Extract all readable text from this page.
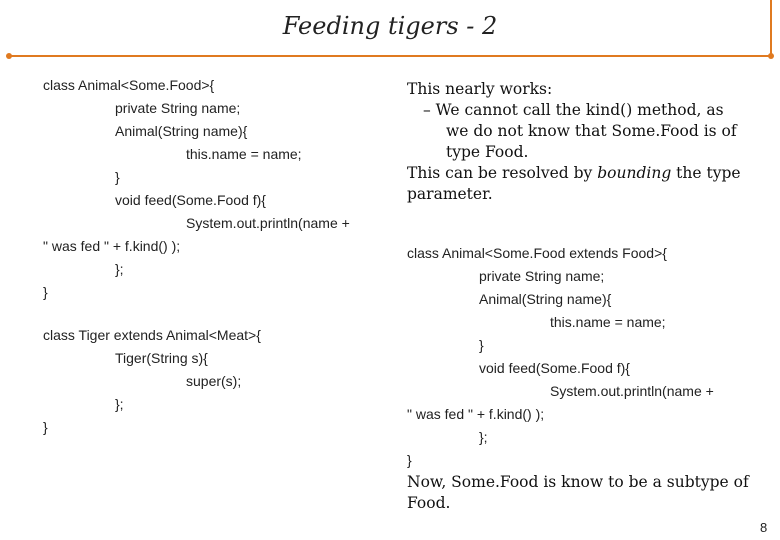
Feeding tigers - 2
class Animal<Some.Food>{
private String name;
Animal(String name){
this.name = name;
}
void feed(Some.Food f){
System.out.println(name +
" was fed " + f.kind() );
};
}
class Tiger extends Animal<Meat>{
Tiger(String s){
super(s);
};
}
This nearly works:
– We cannot call the kind() method, as
we do not know that Some.Food is of
type Food.
This can be resolved by bounding the type
parameter.
class Animal<Some.Food extends Food>{
private String name;
Animal(String name){
this.name = name;
}
void feed(Some.Food f){
System.out.println(name +
" was fed " + f.kind() );
};
}
Now, Some.Food is know to be a subtype of
Food.
8
